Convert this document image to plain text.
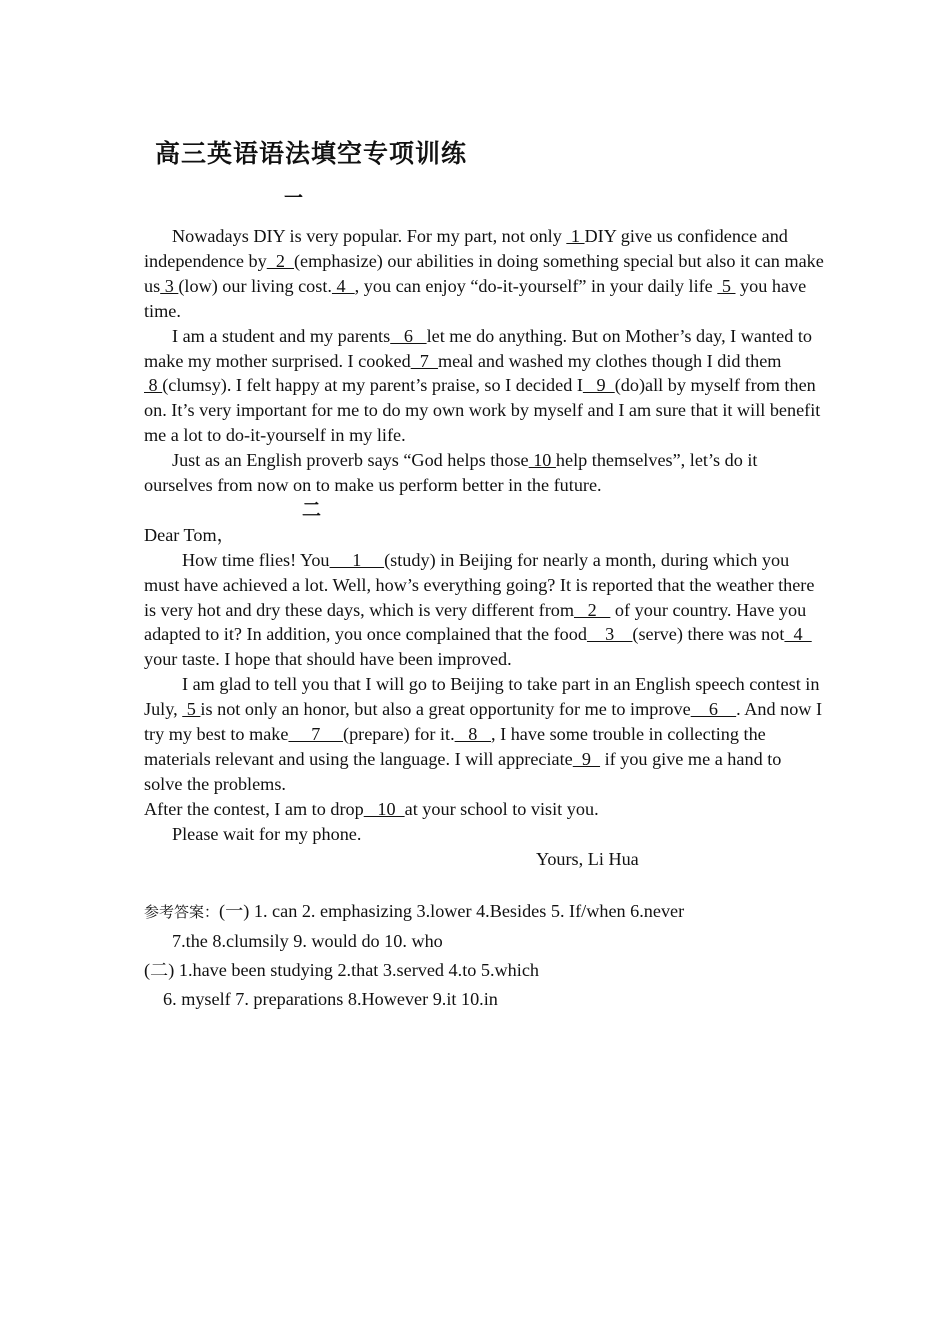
高三英语语法填空专项训练
一

Nowadays DIY is very popular. For my part, not only  1 DIY give us confidence and independence by  2  (emphasize) our abilities in doing something special but also it can make us 3 (low) our living cost. 4  , you can enjoy “do-it-yourself” in your daily life  5  you have time.

I am a student and my parents   6   let me do anything. But on Mother’s day, I wanted to make my mother surprised. I cooked  7  meal and washed my clothes though I did them  8 (clumsy). I felt happy at my parent’s praise, so I decided I   9  (do)all by myself from then on. It’s very important for me to do my own work by myself and I am sure that it will benefit me a lot to do-it-yourself in my life.

Just as an English proverb says “God helps those 10 help themselves”, let’s do it ourselves from now on to make us perform better in the future.

二

Dear Tom，

How time flies! You     1     (study) in Beijing for nearly a month, during which you must have achieved a lot. Well, how’s everything going? It is reported that the weather there is very hot and dry these days, which is very different from   2    of your country. Have you adapted to it? In addition, you once complained that the food    3    (serve) there was not  4   your taste. I hope that should have been improved.

I am glad to tell you that I will go to Beijing to take part in an English speech contest in July,  5 is not only an honor, but also a great opportunity for me to improve    6    . And now I try my best to make     7     (prepare) for it.   8   , I have some trouble in collecting the materials relevant and using the language. I will appreciate  9   if you give me a hand to solve the problems.

After the contest, I am to drop   10  at your school to visit you.

Please wait for my phone.

Yours, Li Hua

参考答案：(一) 1. can 2. emphasizing 3.lower 4.Besides 5. If/when 6.never

7.the 8.clumsily 9. would do 10. who

(二) 1.have been studying 2.that 3.served 4.to 5.which

6. myself 7. preparations 8.However 9.it 10.in
